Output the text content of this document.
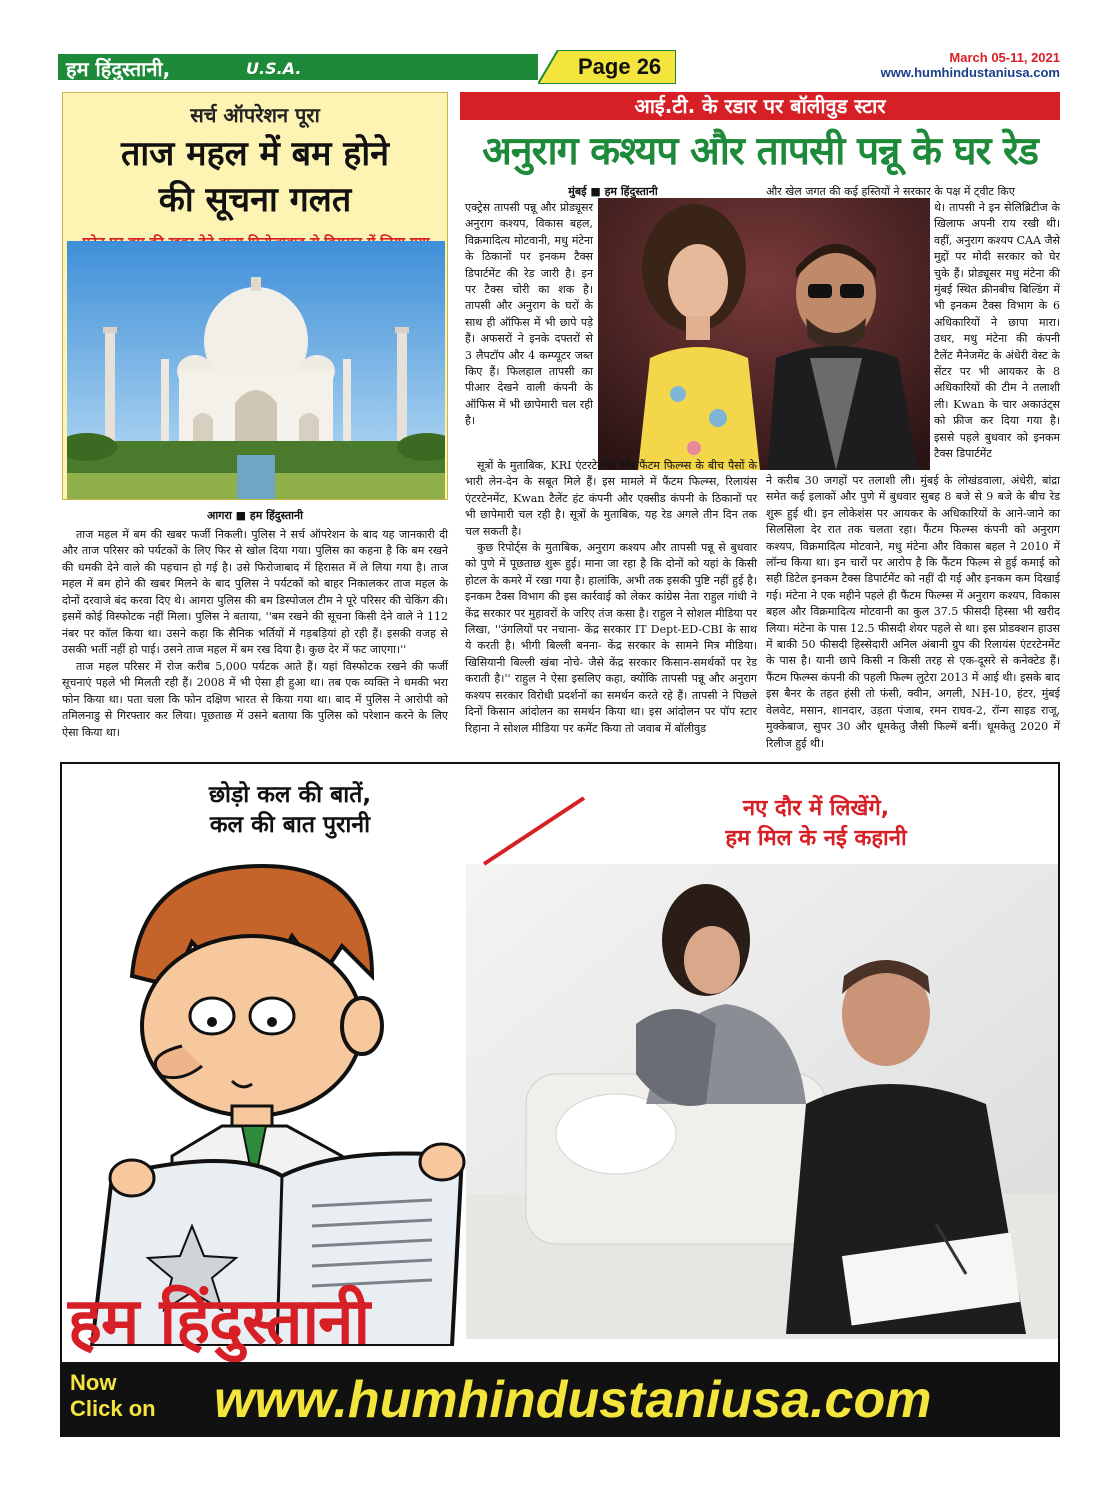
हम हिंदुस्तानी,	U.S.A.	Page 26	March 05-11, 2021
www.humhindustaniusa.com
सर्च ऑपरेशन पूरा
ताज महल में बम होने
की सूचना गलत
आगरा ■ हम हिंदुस्तानी

ताज महल में बम की खबर फर्जी निकली। पुलिस ने सर्च ऑपरेशन के बाद यह जानकारी दी और ताज परिसर को पर्यटकों के लिए फिर से खोल दिया गया। पुलिस का कहना है कि बम रखने की धमकी देने वाले की पहचान हो गई है। उसे फिरोजाबाद में हिरासत में ले लिया गया है। ताज महल में बम होने की खबर मिलने के बाद पुलिस ने पर्यटकों को बाहर निकालकर ताज महल के दोनों दरवाजे बंद करवा दिए थे। आगरा पुलिस की बम डिस्पोजल टीम ने पूरे परिसर की चेकिंग की। इसमें कोई विस्फोटक नहीं मिला। पुलिस ने बताया, ''बम रखने की सूचना किसी देने वाले ने 112 नंबर पर कॉल किया था। उसने कहा कि सैनिक भर्तियों में गड़बड़ियां हो रही हैं। इसकी वजह से उसकी भर्ती नहीं हो पाई। उसने ताज महल में बम रख दिया है। कुछ देर में फट जाएगा।''

ताज महल परिसर में रोज करीब 5,000 पर्यटक आते हैं। यहां विस्फोटक रखने की फर्जी सूचनाएं पहले भी मिलती रही हैं। 2008 में भी ऐसा ही हुआ था। तब एक व्यक्ति ने धमकी भरा फोन किया था। पता चला कि फोन दक्षिण भारत से किया गया था। बाद में पुलिस ने आरोपी को तमिलनाडु से गिरफ्तार कर लिया। पूछताछ में उसने बताया कि पुलिस को परेशान करने के लिए ऐसा किया था।

आई.टी. के रडार पर बॉलीवुड स्टार
अनुराग कश्यप और तापसी पन्नू के घर रेड
मुंबई ■ हम हिंदुस्तानी	और खेल जगत की कई हस्तियों ने सरकार के पक्ष में ट्वीट किए
एक्ट्रेस तापसी पन्नू और प्रोड्यूसर अनुराग कश्यप, विकास बहल, विक्रमादित्य मोटवानी, मधु मंटेना के ठिकानों पर इनकम टैक्स डिपार्टमेंट की रेड जारी है। इन पर टैक्स चोरी का शक है। तापसी और अनुराग के घरों के साथ ही ऑफिस में भी छापे पड़े हैं। अफसरों ने इनके दफ्तरों से 3 लैपटॉप और 4 कम्प्यूटर जब्त किए हैं। फिलहाल तापसी का पीआर देखने वाली कंपनी के ऑफिस में भी छापेमारी चल रही है।
थे। तापसी ने इन सेलिब्रिटीज के खिलाफ अपनी राय रखी थी। वहीं, अनुराग कश्यप CAA जैसे मुद्दों पर मोदी सरकार को घेर चुके हैं। प्रोड्यूसर मधु मंटेना की मुंबई स्थित क्रीनबीच बिल्डिंग में भी इनकम टैक्स विभाग के 6 अधिकारियों ने छापा मारा। उधर, मधु मंटेना की कंपनी टैलेंट मैनेजमेंट के अंधेरी वेस्ट के सेंटर पर भी आयकर के 8 अधिकारियों की टीम ने तलाशी ली। Kwan के चार अकाउंट्स को फ्रीज कर दिया गया है। इससे पहले बुधवार को इनकम टैक्स डिपार्टमेंट

सूत्रों के मुताबिक, KRI एंटरटेनमेंट और फैंटम फिल्म्स के बीच पैसों के भारी लेन-देन के सबूत मिले हैं। इस मामले में फैंटम फिल्म्स, रिलायंस एंटरटेनमेंट, Kwan टैलेंट हंट कंपनी और एक्सीड कंपनी के ठिकानों पर भी छापेमारी चल रही है। सूत्रों के मुताबिक, यह रेड अगले तीन दिन तक चल सकती है।

कुछ रिपोर्ट्स के मुताबिक, अनुराग कश्यप और तापसी पन्नू से बुधवार को पुणे में पूछताछ शुरू हुई। माना जा रहा है कि दोनों को यहां के किसी होटल के कमरे में रखा गया है। हालांकि, अभी तक इसकी पुष्टि नहीं हुई है। इनकम टैक्स विभाग की इस कार्रवाई को लेकर कांग्रेस नेता राहुल गांधी ने केंद्र सरकार पर मुहावरों के जरिए तंज कसा है। राहुल ने सोशल मीडिया पर लिखा, ''उंगलियों पर नचाना- केंद्र सरकार IT Dept-ED-CBI के साथ ये करती है। भीगी बिल्ली बनना- केंद्र सरकार के सामने मित्र मीडिया। खिसियानी बिल्ली खंबा नोचे- जैसे केंद्र सरकार किसान-समर्थकों पर रेड कराती है।'' राहुल ने ऐसा इसलिए कहा, क्योंकि तापसी पन्नू और अनुराग कश्यप सरकार विरोधी प्रदर्शनों का समर्थन करते रहे हैं। तापसी ने पिछले दिनों किसान आंदोलन का समर्थन किया था। इस आंदोलन पर पॉप स्टार रिहाना ने सोशल मीडिया पर कमेंट किया तो जवाब में बॉलीवुड

ने करीब 30 जगहों पर तलाशी ली। मुंबई के लोखंडवाला, अंधेरी, बांद्रा समेत कई इलाकों और पुणे में बुधवार सुबह 8 बजे से 9 बजे के बीच रेड शुरू हुई थी। इन लोकेशंस पर आयकर के अधिकारियों के आने-जाने का सिलसिला देर रात तक चलता रहा। फैंटम फिल्म्स कंपनी को अनुराग कश्यप, विक्रमादित्य मोटवाने, मधु मंटेना और विकास बहल ने 2010 में लॉन्च किया था। इन चारों पर आरोप है कि फैंटम फिल्म से हुई कमाई को सही डिटेल इनकम टैक्स डिपार्टमेंट को नहीं दी गई और इनकम कम दिखाई गई। मंटेना ने एक महीने पहले ही फैंटम फिल्म्स में अनुराग कश्यप, विकास बहल और विक्रमादित्य मोटवानी का कुल 37.5 फीसदी हिस्सा भी खरीद लिया। मंटेना के पास 12.5 फीसदी शेयर पहले से था। इस प्रोडक्शन हाउस में बाकी 50 फीसदी हिस्सेदारी अनिल अंबानी ग्रुप की रिलायंस एंटरटेनमेंट के पास है। यानी छापे किसी न किसी तरह से एक-दूसरे से कनेक्टेड हैं। फैंटम फिल्म्स कंपनी की पहली फिल्म लुटेरा 2013 में आई थी। इसके बाद इस बैनर के तहत हंसी तो फंसी, क्वीन, अगली, NH-10, हंटर, मुंबई वेलवेट, मसान, शानदार, उड़ता पंजाब, रमन राघव-2, रॉन्ग साइड राजू, मुक्केबाज, सुपर 30 और धूमकेतु जैसी फिल्में बनीं। धूमकेतु 2020 में रिलीज हुई थी।
छोड़ो कल की बातें,
कल की बात पुरानी
नए दौर में लिखेंगे,
हम मिल के नई कहानी
हम हिंदुस्तानी
Now
Click on www.humhindustaniusa.com
